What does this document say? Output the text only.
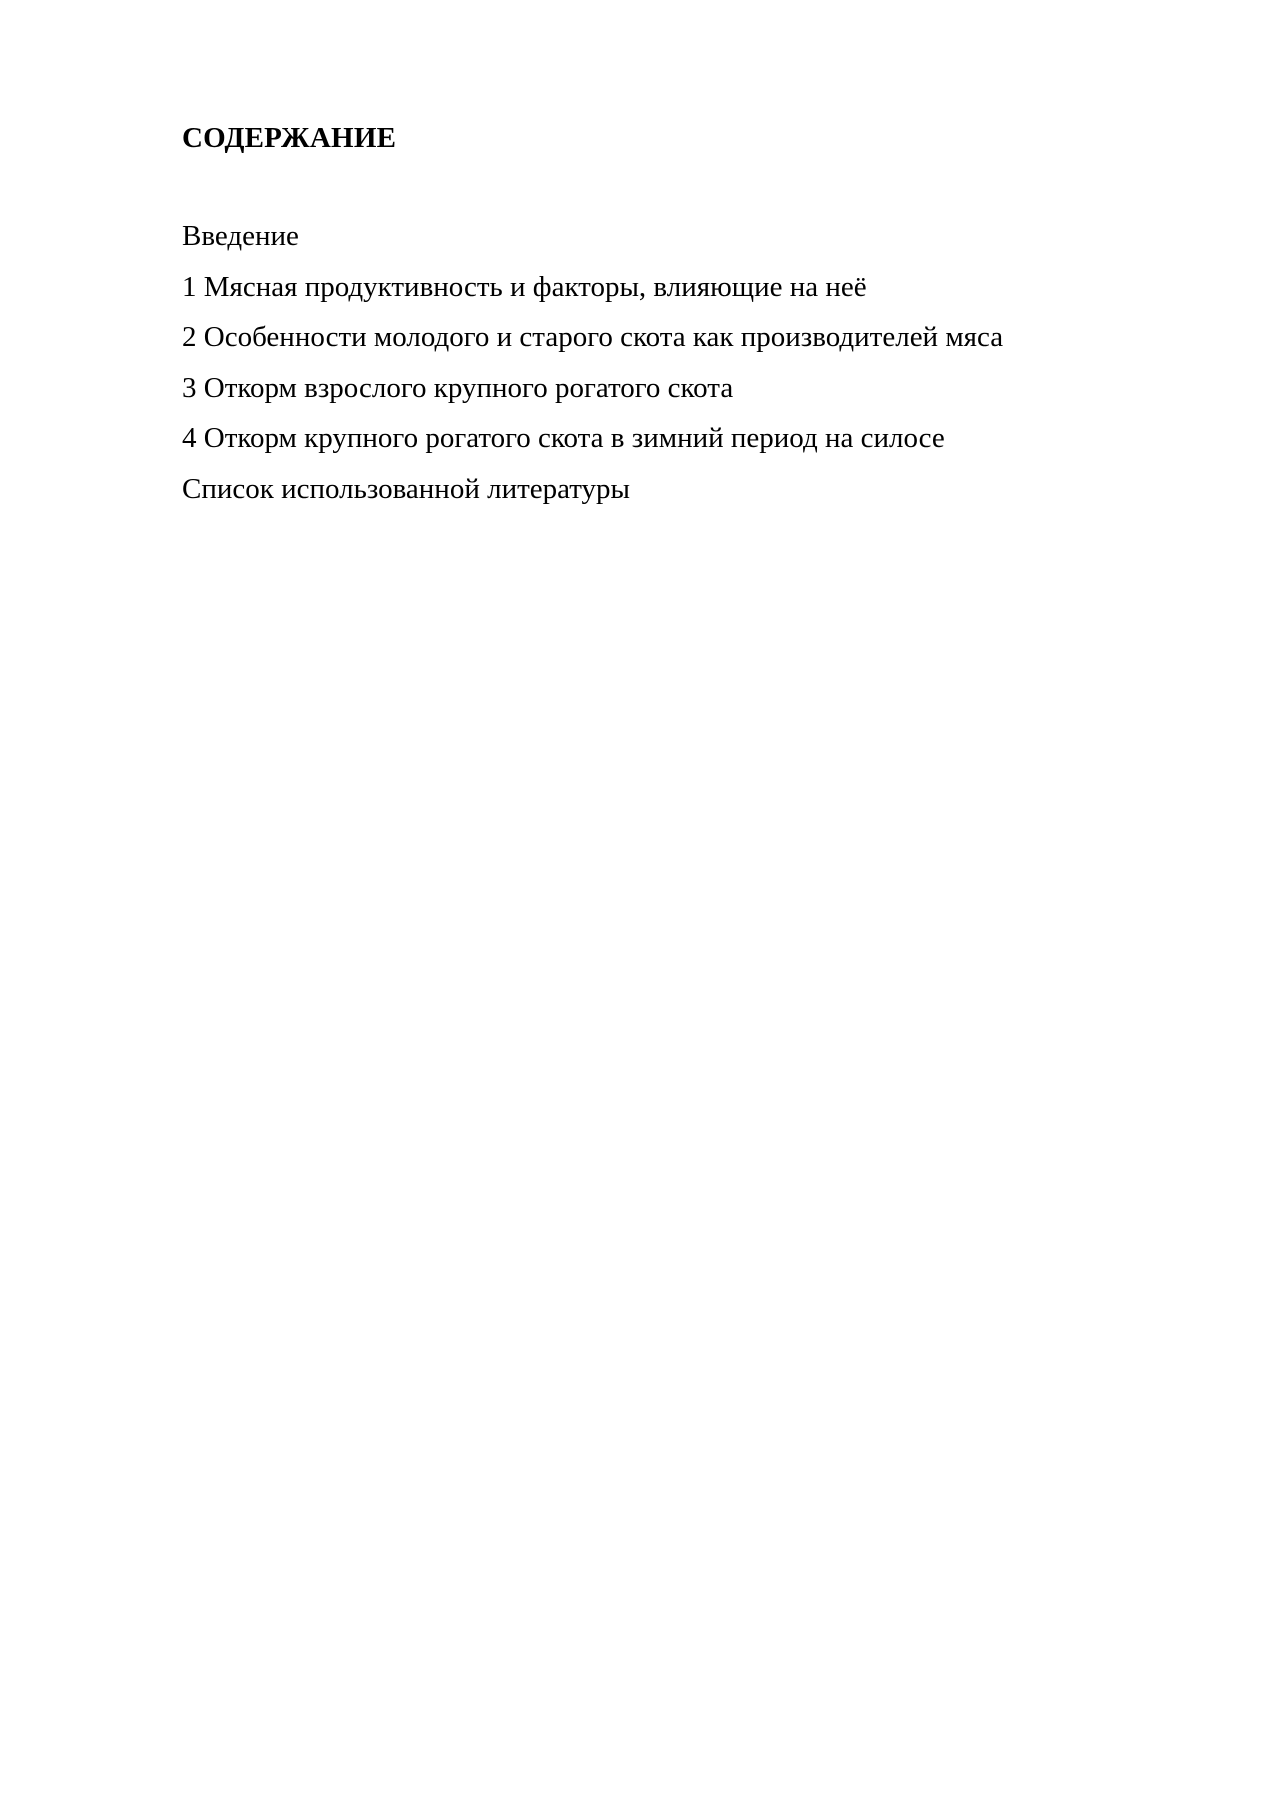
СОДЕРЖАНИЕ
Введение
1 Мясная продуктивность и факторы, влияющие на неё
2 Особенности молодого и старого скота как производителей мяса
3 Откорм взрослого крупного рогатого скота
4 Откорм крупного рогатого скота в зимний период на силосе
Список использованной литературы
